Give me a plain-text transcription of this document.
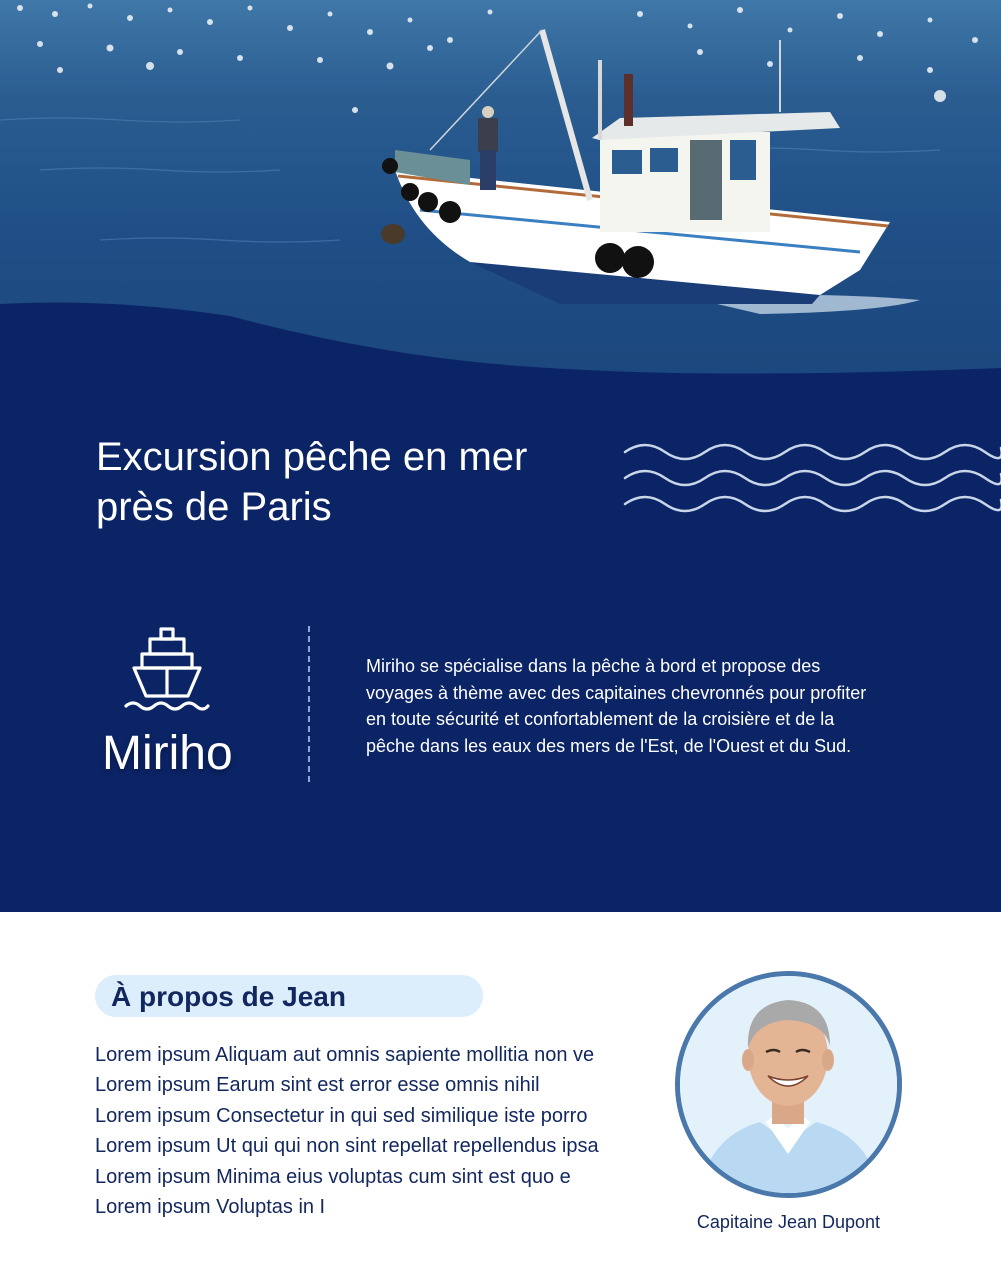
Excursion pêche en mer
près de Paris
Miriho
Miriho se spécialise dans la pêche à bord et propose des
voyages à thème avec des capitaines chevronnés pour profiter
en toute sécurité et confortablement de la croisière et de la
pêche dans les eaux des mers de l'Est, de l'Ouest et du Sud.
À propos de Jean
Lorem ipsum Aliquam aut omnis sapiente mollitia non ve
Lorem ipsum Earum sint est error esse omnis nihil
Lorem ipsum Consectetur in qui sed similique iste porro
Lorem ipsum Ut qui qui non sint repellat repellendus ipsa
Lorem ipsum Minima eius voluptas cum sint est quo e
Lorem ipsum Voluptas in I
Capitaine Jean Dupont
